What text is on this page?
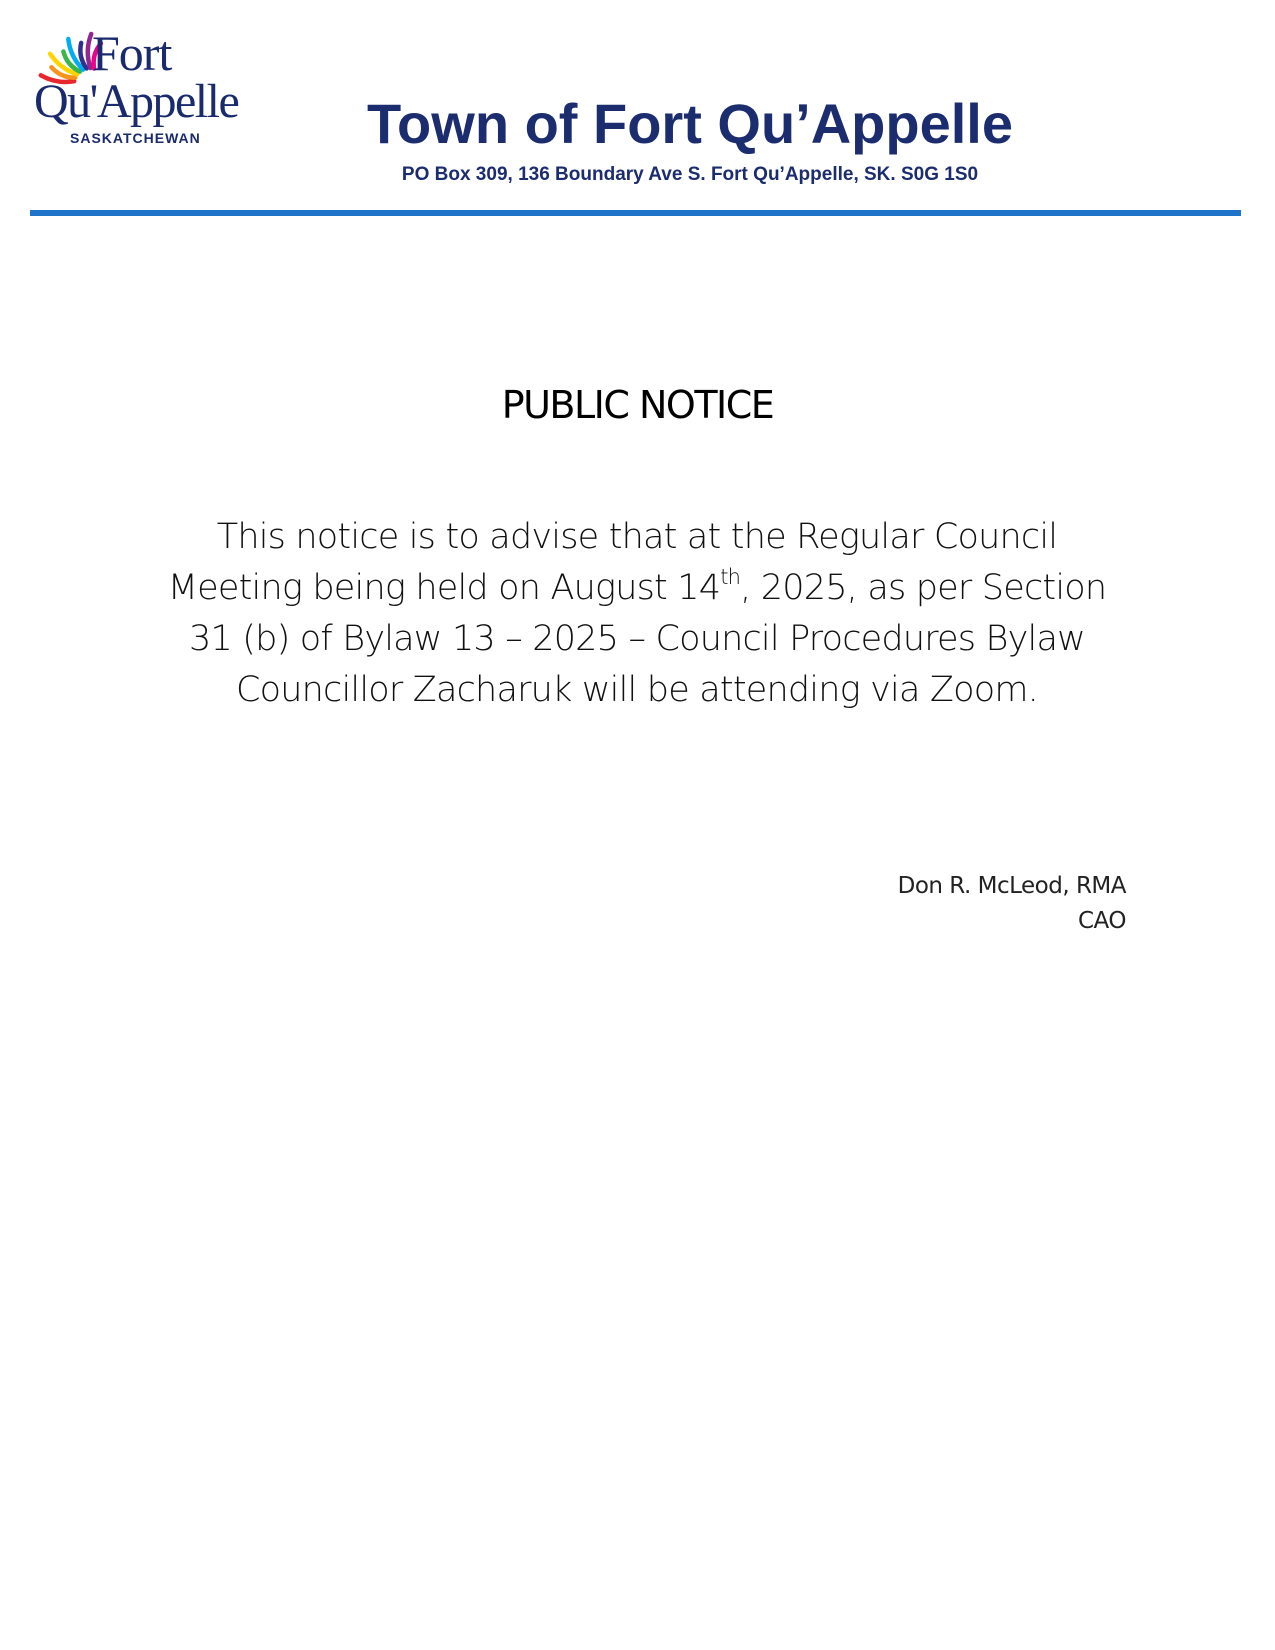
Fort
Qu'Appelle
SASKATCHEWAN	Town of Fort Qu’Appelle
PO Box 309, 136 Boundary Ave S. Fort Qu’Appelle, SK. S0G 1S0
PUBLIC NOTICE
This notice is to advise that at the Regular Council
Meeting being held on August 14th, 2025, as per Section
31 (b) of Bylaw 13 – 2025 – Council Procedures Bylaw
Councillor Zacharuk will be attending via Zoom.
Don R. McLeod, RMA
CAO
